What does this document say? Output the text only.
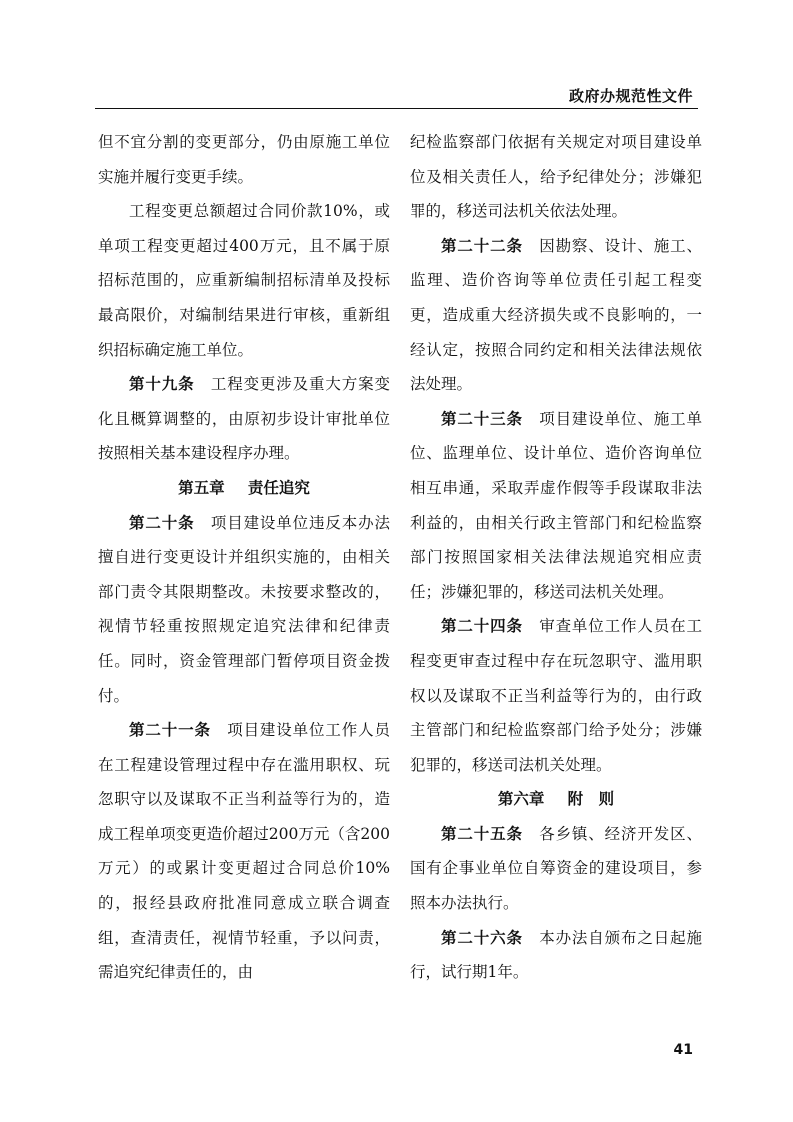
政府办规范性文件

但不宜分割的变更部分，仍由原施工单位实施并履行变更手续。

工程变更总额超过合同价款10%，或单项工程变更超过400万元，且不属于原招标范围的，应重新编制招标清单及投标最高限价，对编制结果进行审核，重新组织招标确定施工单位。

第十九条　 工程变更涉及重大方案变化且概算调整的，由原初步设计审批单位按照相关基本建设程序办理。

第五章 责任追究

第二十条　 项目建设单位违反本办法擅自进行变更设计并组织实施的，由相关部门责令其限期整改。未按要求整改的，视情节轻重按照规定追究法律和纪律责任。同时，资金管理部门暂停项目资金拨付。

第二十一条　 项目建设单位工作人员在工程建设管理过程中存在滥用职权、玩忽职守以及谋取不正当利益等行为的，造成工程单项变更造价超过200万元（含200万元）的或累计变更超过合同总价10%的，报经县政府批准同意成立联合调查组，查清责任，视情节轻重，予以问责，需追究纪律责任的，由

纪检监察部门依据有关规定对项目建设单位及相关责任人，给予纪律处分；涉嫌犯罪的，移送司法机关依法处理。

第二十二条　 因勘察、设计、施工、监理、造价咨询等单位责任引起工程变更，造成重大经济损失或不良影响的，一经认定，按照合同约定和相关法律法规依法处理。

第二十三条　 项目建设单位、施工单位、监理单位、设计单位、造价咨询单位相互串通，采取弄虚作假等手段谋取非法利益的，由相关行政主管部门和纪检监察部门按照国家相关法律法规追究相应责任；涉嫌犯罪的，移送司法机关处理。

第二十四条　 审查单位工作人员在工程变更审查过程中存在玩忽职守、滥用职权以及谋取不正当利益等行为的，由行政主管部门和纪检监察部门给予处分；涉嫌犯罪的，移送司法机关处理。

第六章 附　则

第二十五条　 各乡镇、经济开发区、国有企事业单位自筹资金的建设项目，参照本办法执行。

第二十六条　 本办法自颁布之日起施行，试行期1年。

41
